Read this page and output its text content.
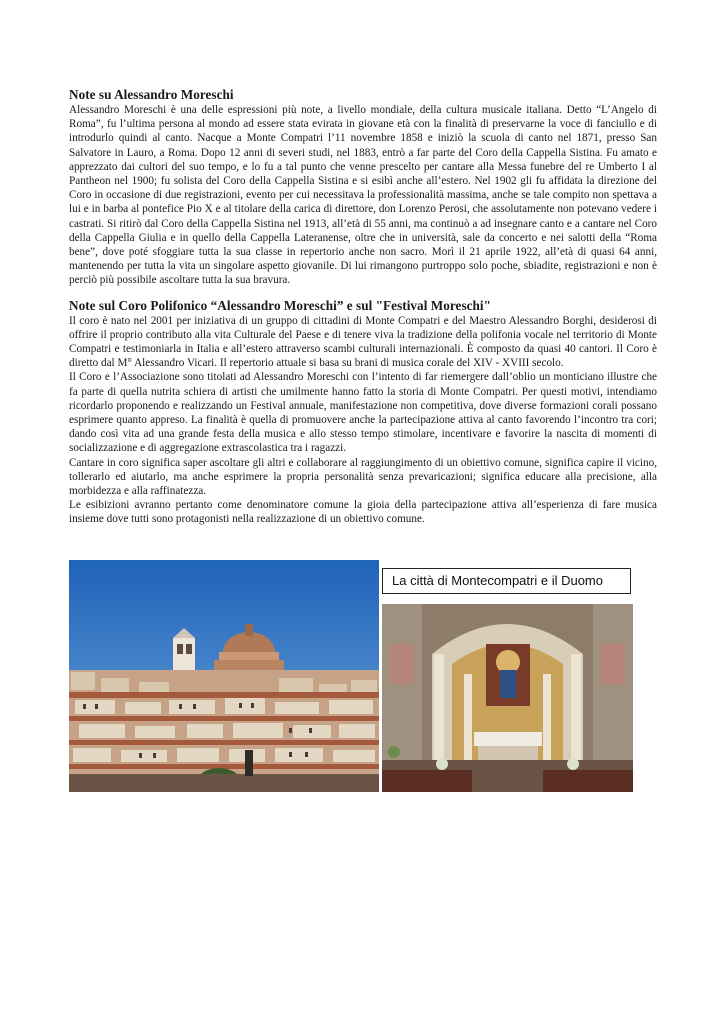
Note su Alessandro Moreschi

Alessandro Moreschi è una delle espressioni più note, a livello mondiale, della cultura musicale italiana. Detto “L’Angelo di Roma”, fu l’ultima persona al mondo ad essere stata evirata in giovane età con la finalità di preservarne la voce di fanciullo e di introdurlo quindi al canto. Nacque a Monte Compatri l’11 novembre 1858 e iniziò la scuola di canto nel 1871, presso San Salvatore in Lauro, a Roma. Dopo 12 anni di severi studi, nel 1883, entrò a far parte del Coro della Cappella Sistina. Fu amato e apprezzato dai cultori del suo tempo, e lo fu a tal punto che venne prescelto per cantare alla Messa funebre del re Umberto I al Pantheon nel 1900; fu solista del Coro della Cappella Sistina e si esibì anche all’estero. Nel 1902 gli fu affidata la direzione del Coro in occasione di due registrazioni, evento per cui necessitava la professionalità massima, anche se tale compito non spettava a lui e in barba al pontefice Pio X e al titolare della carica di direttore, don Lorenzo Perosi, che assolutamente non potevano vedere i castrati. Si ritirò dal Coro della Cappella Sistina nel 1913, all’età di 55 anni, ma continuò a ad insegnare canto e a cantare nel Coro della Cappella Giulia e in quello della Cappella Lateranense, oltre che in università, sale da concerto e nei salotti della “Roma bene”, dove poté sfoggiare tutta la sua classe in repertorio anche non sacro. Morì il 21 aprile 1922, all’età di quasi 64 anni, mantenendo per tutta la vita un singolare aspetto giovanile. Di lui rimangono purtroppo solo poche, sbiadite, registrazioni e non è perciò più possibile ascoltare tutta la sua bravura.

Note sul Coro Polifonico “Alessandro Moreschi” e sul "Festival Moreschi"

Il coro è nato nel 2001 per iniziativa di un gruppo di cittadini di Monte Compatri e del Maestro Alessandro Borghi, desiderosi di offrire il proprio contributo alla vita Culturale del Paese e di tenere viva la tradizione della polifonia vocale nel territorio di Monte Compatri e testimoniarla in Italia e all’estero attraverso scambi culturali internazionali. È composto da quasi 40 cantori. Il Coro è diretto dal M° Alessandro Vicari. Il repertorio attuale si basa su brani di musica corale del XIV - XVIII secolo.

Il Coro e l’Associazione sono titolati ad Alessandro Moreschi con l’intento di far riemergere dall’oblio un monticiano illustre che fa parte di quella nutrita schiera di artisti che umilmente hanno fatto la storia di Monte Compatri. Per questi motivi, intendiamo ricordarlo proponendo e realizzando un Festival annuale, manifestazione non competitiva, dove diverse formazioni corali possano esprimere quanto appreso. La finalità è quella di promuovere anche la partecipazione attiva al canto favorendo l’incontro tra cori; dando così vita ad una grande festa della musica e allo stesso tempo stimolare, incentivare e favorire la nascita di momenti di socializzazione e di aggregazione extrascolastica tra i ragazzi.

Cantare in coro significa saper ascoltare gli altri e collaborare al raggiungimento di un obiettivo comune, significa capire il vicino, tollerarlo ed aiutarlo, ma anche esprimere la propria personalità senza prevaricazioni; significa educare alla precisione, alla morbidezza e alla raffinatezza.

Le esibizioni avranno pertanto come denominatore comune la gioia della partecipazione attiva all’esperienza di fare musica insieme dove tutti sono protagonisti nella realizzazione di un obiettivo comune.

La città di Montecompatri e il Duomo
